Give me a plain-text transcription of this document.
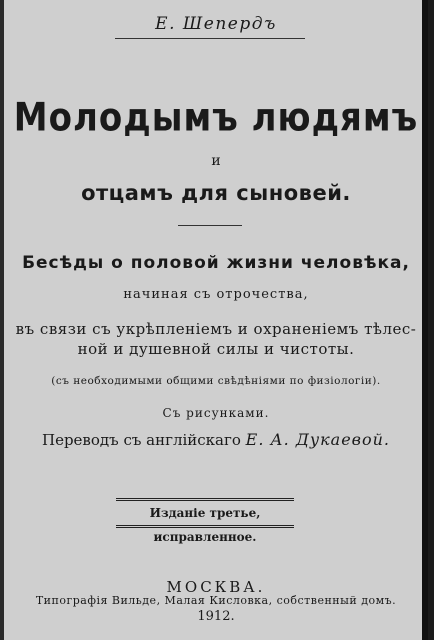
Е. Шепердъ
Молодымъ людямъ
и
отцамъ для сыновей.
Бесѣды о половой жизни человѣка,
начиная съ отрочества,
въ связи съ укрѣпленіемъ и охраненіемъ тѣлес-
ной и душевной силы и чистоты.
(съ необходимыми общими свѣдѣніями по физіологіи).
Съ рисунками.
Переводъ съ англійскаго Е. А. Дукаевой.
Изданіе третье, исправленное.
МОСКВА.
Типографія Вильде, Малая Кисловка, собственный домъ.
1912.
